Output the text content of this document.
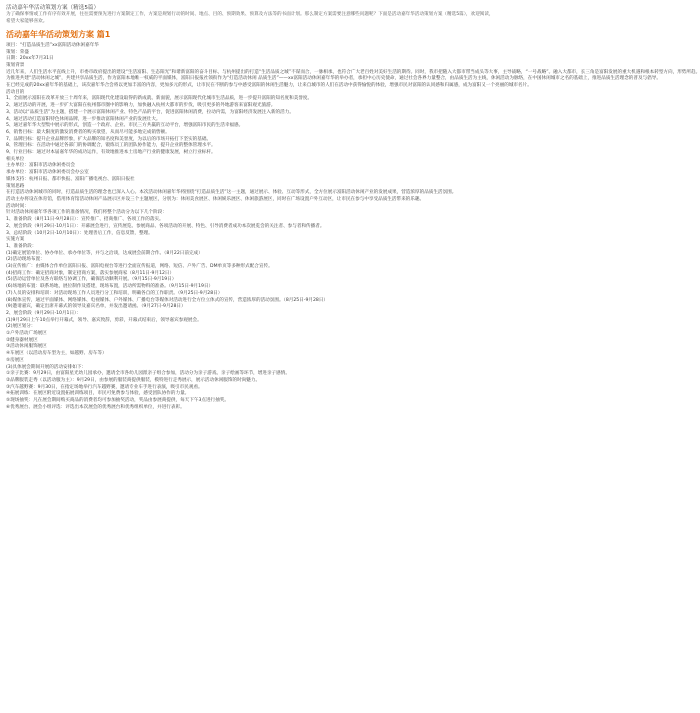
活动嘉年华活动策划方案（精选5篇）

为了确保事情或工作有序有效开展，往往需要预先进行方案制定工作，方案是规划行动的时间、地点、目的、预期效果、预算及方法等的书面计划。那么制定方案需要注意哪些问题呢？下面是活动嘉年华活动策划方案（精选5篇），欢迎阅读，希望大家能够喜欢。

活动嘉年华活动策划方案 篇1
项目：“打造品质生活”xx富阳活动休闲嘉年华
策划：荣盛
日期：20xx年7月31日
策划背景
近几年来，人们生活水平直线上升，市委市政府提出的建设“生活富阳、生态阳光”和谐新富阳的奋斗目标，与杭州提出的打造“生活品质之城”不谋而合，一脉相承，也符合广大老百姓对美好生活的期待。同时，我市把随入大都市带当成头等大事，主导战略，“一号战略”。融入大都市，长三角是富阳发展的重大机遇和根本转型方向，形势所趋。
为推进共建“活动休闲之城”，共建共享品质生活，作为富阳本地唯一权威的平面媒体，富阳日报报社领衔作为“打造活动休闲 品质生活”——xx富阳活动休闲嘉年华的举办者，承担中心历史使命，通过社会各界力量整合，由品质生活为主线，休闲活动为脉络，在中国休闲城市之名的基础上，推进品质生活理念的普及与倡导。
在已经完成的20xx嘉年华的基础上，该次嘉年华合会将以更加丰富的内容，更加多元的形式，让市民在不断的参与中感受富阳的休闲生活魅力，让来自城市的人们在活动中获得愉悦的体验，增强市民对富阳的认同感和归属感，成为富阳又一个亮丽的城市名片。
活动目的
1、全面展示富阳在改革开放三十周年来，富阳现代化建设取得的新成就、新面貌，展示富阳现代化城市生活品质，进一步提升富阳的知名度和美誉度。
2、通过活动的开展，进一步扩大富阳在杭州都市圈中的影响力，加快融入杭州大都市的步伐，吸引更多的外地游客来富阳观光旅游。
3、活动以“品质生活”为主题，搭建一个展示富阳休闲产业、特色产品的平台，促进富阳休闲消费，拉动内需，为富阳经济发展注入新的活力。
4、通过活动打造富阳特色休闲品牌，进一步推动富阳休闲产业的发展壮大。
5、通过嘉年华大型集中展示的形式，创造一个政府、企业、市民三方共赢的互动平台，增强富阳市民的生活幸福感。
6、销售目标：最大限度的激发消费者的购买欲望，从而尽可能多地完成销售额。
7、品牌目标：提升企业品牌形象，扩大品牌的知名度和美誉度，为以后的市场开拓打下坚实的基础。
8、管理目标：在活动中通过各部门的协调配合，锻炼员工的团队协作能力，提升企业的整体管理水平。
9、行业目标：通过对本届嘉年华的成功运作，有效地推进本土房地产行业的健康发展，树立行业标杆。
相关单位
主办单位：富阳市活动休闲委员会
承办单位：富阳市活动休闲委员会办公室
媒体支持：杭州日报、都市快报、富阳广播电视台、富阳日报社
策划思路
在打造活动休闲城市的同时，打造品质生活的理念也已深入人心。本次活动休闲嘉年华将围绕“打造品质生活”这一主题，通过展示、体验、互动等形式，全方位展示富阳活动休闲产业的发展成果，营造浓厚的品质生活氛围。
活动主办将设在体育馆，借用体育馆活动休闲产品展示区并设三个主题展区，分别为：休闲美食展区、休闲娱乐展区、休闲旅游展区，同时在广场设置户外互动区，让市民在参与中享受品质生活带来的乐趣。
活动时间：
针对活动休闲嘉年华各项工作的准备情况，我们将整个活动分为以下几个阶段：
1、准备阶段（8月11日-9月28日）：宣传推广、招商推广、各项工作的落实。
2、展会阶段（9月29日-10月1日）：开幕展会进行，宣传展览、参展商品、各项活动的开展、特色、引导消费者成功本次展览会的关注者、参与者和传播者。
3、总结阶段（10月2日-10月10日）：处理善后工作，信息反馈，整理。
实施方案
1、准备阶段：
(1)确定展馆单位、协办单位、承办单位等，并与之洽谈，达成展会前期合作。（8月22日前完成）
(2)活动现场布置：
(3)宣传推广：由媒体合作单位富阳日报、富阳电视台等进行全面宣传报道，网络、短信、户外广告、DM单页等多种形式配合宣传。
(4)招商工作：确定招商对象，制定招商方案，落实参展商家（8月11日-9月12日）
(5)活动运营单位及各方联络与协调工作，确保活动顺利开展。（9月15日-9月19日）
(6)场地的布置：联系场地，展位制作及搭建，现场布置，活动所需物料的准备。（9月15日-9月19日）
(7)人员的安排和培训：对活动现场工作人员进行分工和培训，明确各自的工作职责。（9月25日-9月28日）
(8)媒体宣传，通过平面媒体、网络媒体、电视媒体、户外媒体、广播电台等媒体对活动进行全方位立体式的宣传，营造浓厚的活动氛围。（8月25日-9月28日）
(9)邀请嘉宾，确定出席开幕式的领导及嘉宾名单，并发出邀请函。（9月27日-9月28日）
2、展会阶段（9月29日-10月1日）：
(1)9月29日上午10点举行开幕式，领导、嘉宾致辞，剪彩，开幕式结束后，领导嘉宾参观展会。
(2)展区划分：
①户外活动广场展区
②健身器材展区
③活动休闲服饰展区
④车展区（以活动房车型为主，如越野、房车等）
⑤房展区
(3)具体展会期间开展的活动安排如下：
①亲子比赛：9月29日，由富阳星光幼儿园承办，邀请全市各幼儿园派亲子组合参加，活动分为亲子游戏、亲子绘画等环节，增进亲子感情。
②品牌服装走秀（以活动服为主）：9月29日，由参展的服装商提供服装，模特进行走秀展示，展示活动休闲服饰的时尚魅力。
③汽车越野赛：9月30日，在指定场地举行汽车越野赛，邀请专业车手进行表演，吸引市民观看。
④拓展训练：在展区附近设置拓展训练项目，市民可免费参与体验，感受团队协作的力量。
⑤现场抽奖：凡在展会期间购买商品的消费者均可参加抽奖活动，奖品由参展商提供，每天下午3点进行抽奖。
⑥优秀展台、展会小组评选：评选出本次展会的优秀展台和优秀组织单位，并进行表彰。
